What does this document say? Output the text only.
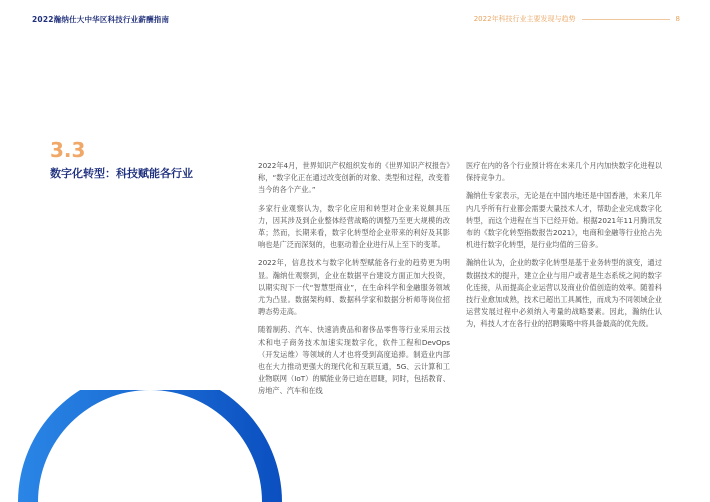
2022瀚纳仕大中华区科技行业薪酬指南	2022年科技行业主要发现与趋势	8
3.3
数字化转型：科技赋能各行业

2022年4月，世界知识产权组织发布的《世界知识产权报告》称，“数字化正在通过改变创新的对象、类型和过程，改变着当今的各个产业。”

多家行业观察认为，数字化应用和转型对企业来说颇具压力，因其涉及到企业整体经营战略的调整乃至更大规模的改革；然而，长期来看，数字化转型给企业带来的利好及其影响也是广泛而深刻的，也驱动着企业进行从上至下的变革。

2022年，信息技术与数字化转型赋能各行业的趋势更为明显。瀚纳仕观察到，企业在数据平台建设方面正加大投资，以期实现下一代“智慧型商业”，在生命科学和金融服务领域尤为凸显。数据架构师、数据科学家和数据分析师等岗位招聘态势走高。

随着制药、汽车、快速消费品和奢侈品零售等行业采用云技术和电子商务技术加速实现数字化，软件工程和DevOps（开发运维）等领域的人才也将受到高度追捧。制造业内部也在大力推动更强大的现代化和互联互通，5G、云计算和工业物联网（IoT）的赋能业务已迫在眉睫，同时，包括教育、房地产、汽车和在线

医疗在内的各个行业预计将在未来几个月内加快数字化进程以保持竞争力。

瀚纳仕专家表示，无论是在中国内地还是中国香港，未来几年内几乎所有行业都会需要大量技术人才，帮助企业完成数字化转型，而这个进程在当下已经开始。根据2021年11月腾讯发布的《数字化转型指数报告2021》，电商和金融等行业抢占先机进行数字化转型，是行业均值的三倍多。

瀚纳仕认为，企业的数字化转型是基于业务转型的演变，通过数据技术的提升，建立企业与用户或者是生态系统之间的数字化连接，从而提高企业运营以及商业价值创造的效率。随着科技行业愈加成熟，技术已超出工具属性，而成为不同领域企业运营发展过程中必须纳入考量的战略要素。因此，瀚纳仕认为，科技人才在各行业的招聘策略中将具备最高的优先级。
